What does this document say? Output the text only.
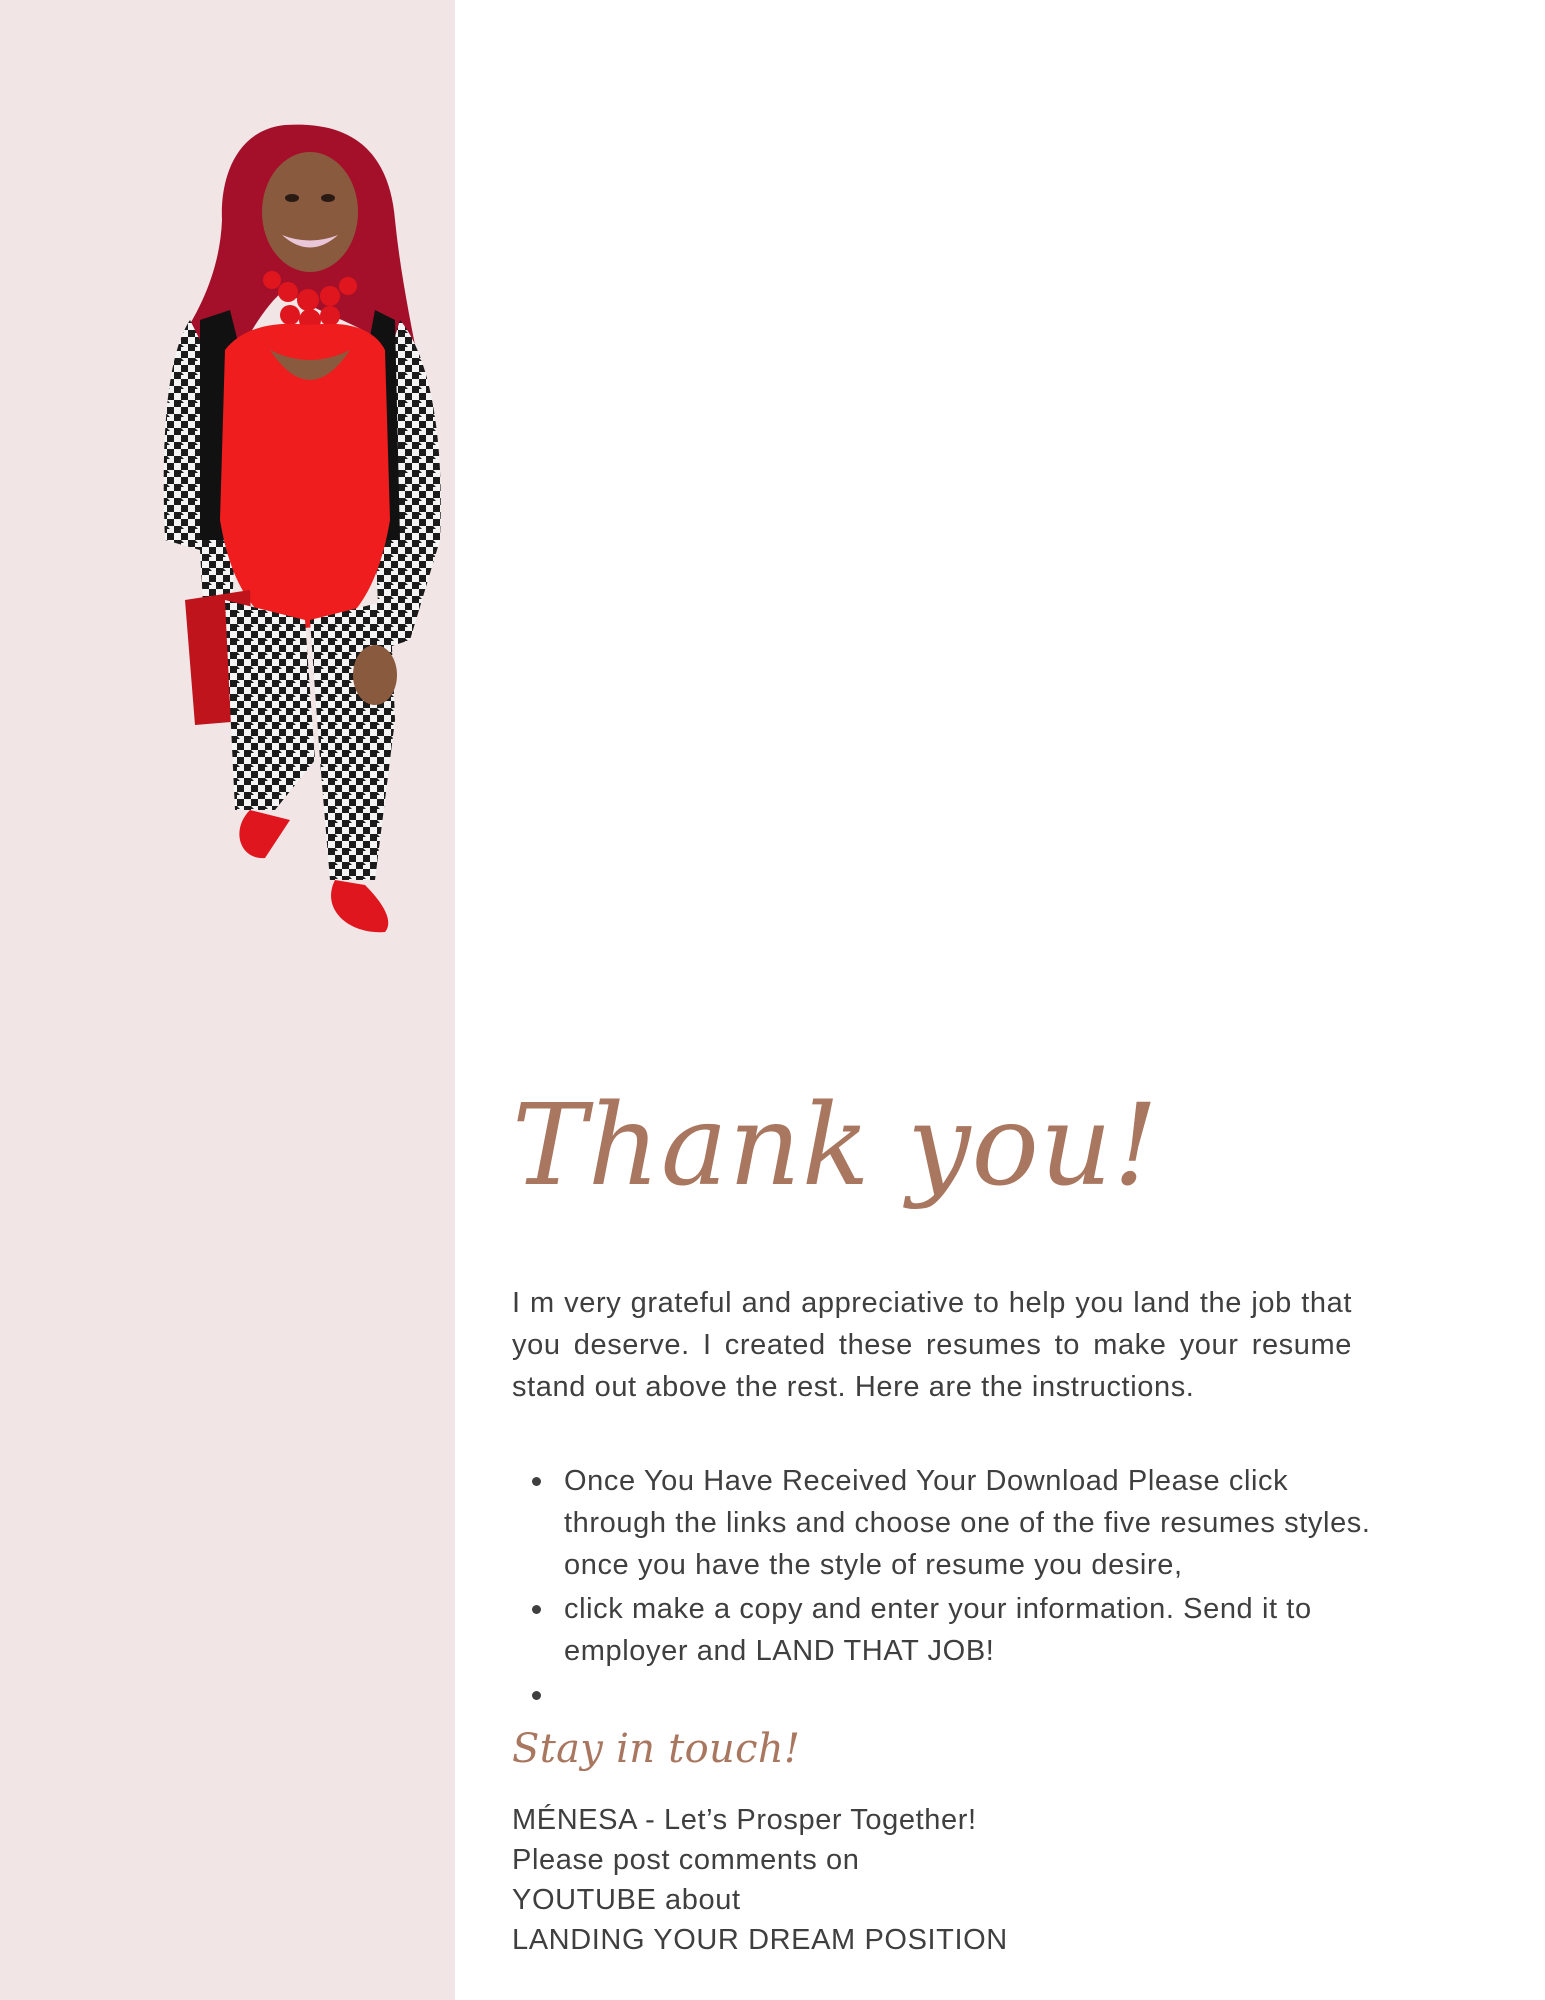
Thank you!

I m very grateful and appreciative to help you land the job that you deserve. I created these resumes to make your resume stand out above the rest. Here are the instructions.

Once You Have Received Your Download Please click through the links and choose one of the five resumes styles. once you have the style of resume you desire,
click make a copy and enter your information. Send it to employer and LAND THAT JOB!
Stay in touch!
MÉNESA - Let’s Prosper Together!
Please post comments on
YOUTUBE about
LANDING YOUR DREAM POSITION
